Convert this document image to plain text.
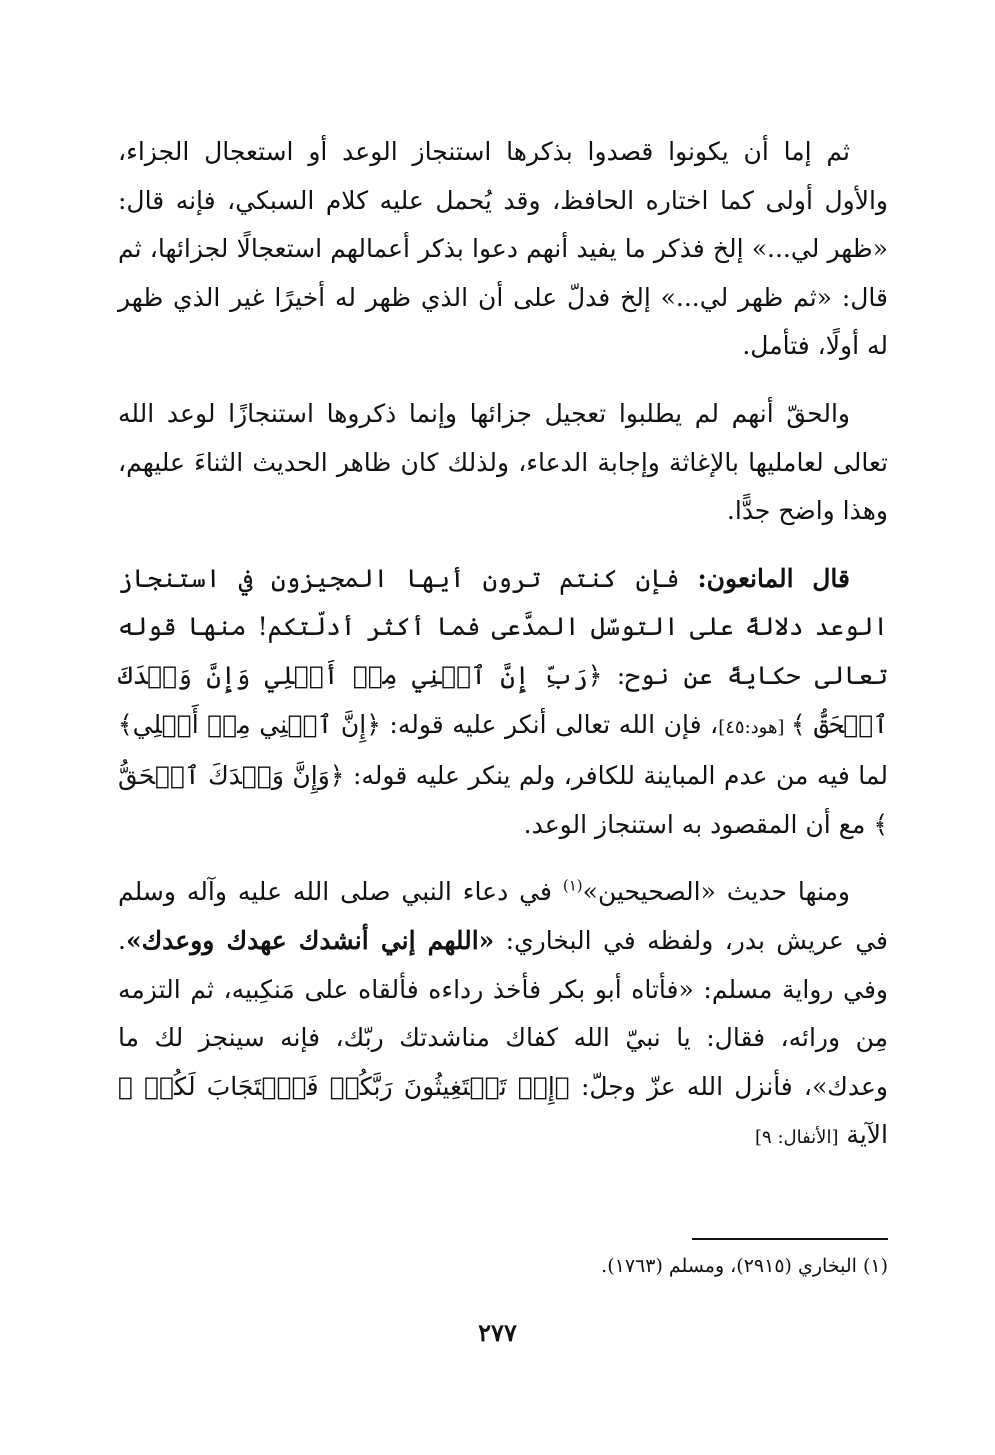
ثم إما أن يكونوا قصدوا بذكرها استنجاز الوعد أو استعجال الجزاء، والأول أولى كما اختاره الحافظ، وقد يُحمل عليه كلام السبكي، فإنه قال: «ظهر لي...» إلخ فذكر ما يفيد أنهم دعوا بذكر أعمالهم استعجالًا لجزائها، ثم قال: «ثم ظهر لي...» إلخ فدلّ على أن الذي ظهر له أخيرًا غير الذي ظهر له أولًا، فتأمل.

والحقّ أنهم لم يطلبوا تعجيل جزائها وإنما ذكروها استنجازًا لوعد الله تعالى لعامليها بالإغاثة وإجابة الدعاء، ولذلك كان ظاهر الحديث الثناءَ عليهم، وهذا واضح جدًّا.

قال المانعون: فإن كنتم ترون أيها المجيزون في استنجاز الوعد دلالةً على التوسّل المدَّعى فما أكثر أدلّتكم! منها قوله تعالى حكايةً عن نوح: ﴿رَبِّ إِنَّ ٱبۡنِي مِنۡ أَهۡلِي وَإِنَّ وَعۡدَكَ ٱلۡحَقُّ ﴾ [هود:٤٥]، فإن الله تعالى أنكر عليه قوله: ﴿إِنَّ ٱبۡنِي مِنۡ أَهۡلِي﴾ لما فيه من عدم المباينة للكافر، ولم ينكر عليه قوله: ﴿وَإِنَّ وَعۡدَكَ ٱلۡحَقُّ ﴾ مع أن المقصود به استنجاز الوعد.

ومنها حديث «الصحيحين»$^{(١)}$ في دعاء النبي صلى الله عليه وآله وسلم في عريش بدر، ولفظه في البخاري: «اللهم إني أنشدك عهدك ووعدك». وفي رواية مسلم: «فأتاه أبو بكر فأخذ رداءه فألقاه على مَنكِبيه، ثم التزمه مِن ورائه، فقال: يا نبيّ الله كفاك مناشدتك ربّك، فإنه سينجز لك ما وعدك»، فأنزل الله عزّ وجلّ: ﴿إِذۡ تَسۡتَغِيثُونَ رَبَّكُمۡ فَٱسۡتَجَابَ لَكُمۡ ﴾ الآية [الأنفال: ٩]

(١) البخاري (٢٩١٥)، ومسلم (١٧٦٣).
٢٧٧
